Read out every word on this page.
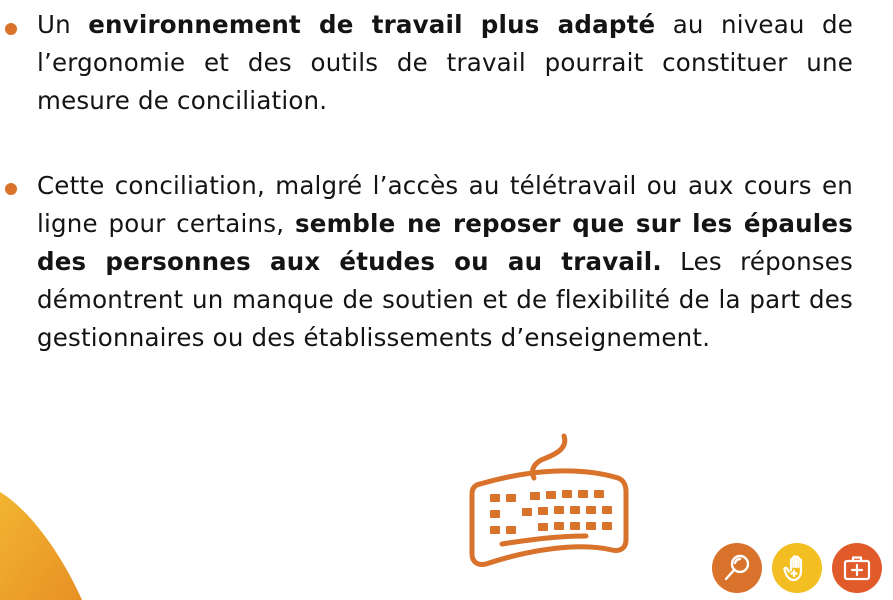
Un environnement de travail plus adapté au niveau de l’ergonomie et des outils de travail pourrait constituer une mesure de conciliation.

Cette conciliation, malgré l’accès au télétravail ou aux cours en ligne pour certains, semble ne reposer que sur les épaules des personnes aux études ou au travail. Les réponses démontrent un manque de soutien et de flexibilité de la part des gestionnaires ou des établissements d’enseignement.
